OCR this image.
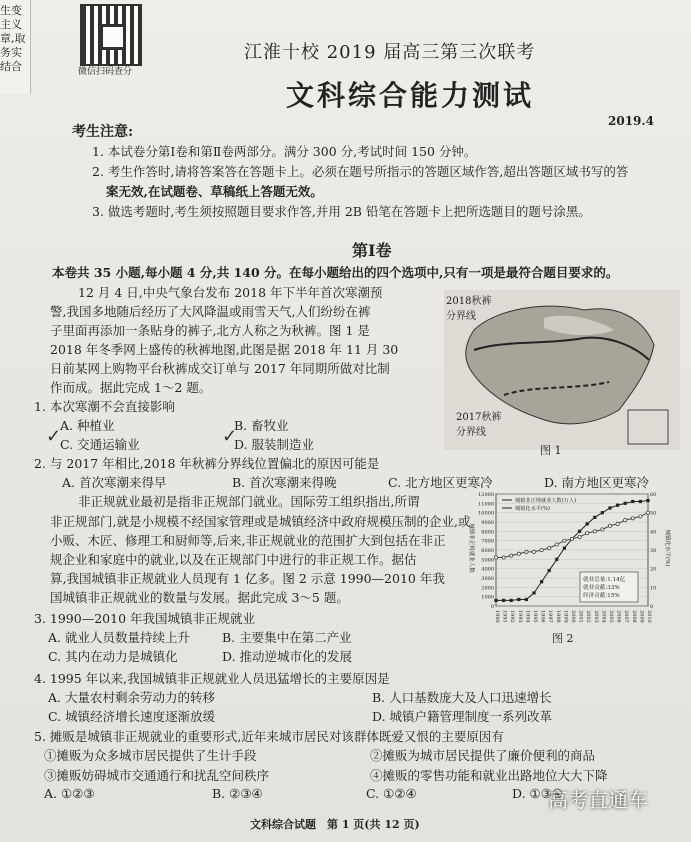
生变
主义
章,取
务实
结合	微信扫码查分
江淮十校 2019 届高三第三次联考
文科综合能力测试
2019.4
考生注意:
1. 本试卷分第Ⅰ卷和第Ⅱ卷两部分。满分 300 分,考试时间 150 分钟。
2. 考生作答时,请将答案答在答题卡上。必须在题号所指示的答题区域作答,超出答题区域书写的答
案无效,在试题卷、草稿纸上答题无效。
3. 做选考题时,考生须按照题目要求作答,并用 2B 铅笔在答题卡上把所选题目的题号涂黑。
第Ⅰ卷
本卷共 35 小题,每小题 4 分,共 140 分。在每小题给出的四个选项中,只有一项是最符合题目要求的。
12 月 4 日,中央气象台发布 2018 年下半年首次寒潮预
警,我国多地随后经历了大风降温或雨雪天气,人们纷纷在裤
子里面再添加一条贴身的裤子,北方人称之为秋裤。图 1 是
2018 年冬季网上盛传的秋裤地图,此图是据 2018 年 11 月 30
日前某网上购物平台秋裤成交订单与 2017 年同期所做对比制
作而成。据此完成 1～2 题。
2018秋裤
分界线
2017秋裤
分界线
图 1
1. 本次寒潮不会直接影响
A. 种植业	B. 畜牧业
C. 交通运输业	D. 服装制造业
✓	✓
2. 与 2017 年相比,2018 年秋裤分界线位置偏北的原因可能是
A. 首次寒潮来得早	B. 首次寒潮来得晚	C. 北方地区更寒冷	D. 南方地区更寒冷
非正规就业最初是指非正规部门就业。国际劳工组织指出,所谓
非正规部门,就是小规模不经国家管理或是城镇经济中政府规模压制的企业,或
小贩、木匠、修理工和厨师等,后来,非正规就业的范围扩大到包括在非正
规企业和家庭中的就业,以及在正规部门中进行的非正规工作。据估
算,我国城镇非正规就业人员现有 1 亿多。图 2 示意 1990—2010 年我
国城镇非正规就业的数量与发展。据此完成 3～5 题。
0
1000
2000
3000
4000
5000
6000
7000
8000
9000
10000
11000
12000
0
10
20
30
40
50
60
1990 1991 1992 1993 1994 1995 1996 1997 1998 1999 2000 2001 2002 2003 2004 2005 2006 2007 2008 2009 2010
城镇非正规就业人数(万人)
城镇化水平(%)
城镇非正规就业人数	城镇化水平(%)
就业总量:1.14亿
就业贡献:33%
经济贡献:15%
图 2
3. 1990—2010 年我国城镇非正规就业
A. 就业人员数量持续上升	B. 主要集中在第二产业
C. 其内在动力是城镇化	D. 推动逆城市化的发展
4. 1995 年以来,我国城镇非正规就业人员迅猛增长的主要原因是
A. 大量农村剩余劳动力的转移	B. 人口基数庞大及人口迅速增长
C. 城镇经济增长速度逐渐放缓	D. 城镇户籍管理制度一系列改革
5. 摊贩是城镇非正规就业的重要形式,近年来城市居民对该群体既爱又恨的主要原因有
①摊贩为众多城市居民提供了生计手段	②摊贩为城市居民提供了廉价便利的商品
③摊贩妨碍城市交通通行和扰乱空间秩序	④摊贩的零售功能和就业出路地位大大下降
A. ①②③	B. ②③④	C. ①②④	D. ①③④
文科综合试题　第 1 页(共 12 页)
高考直通车
